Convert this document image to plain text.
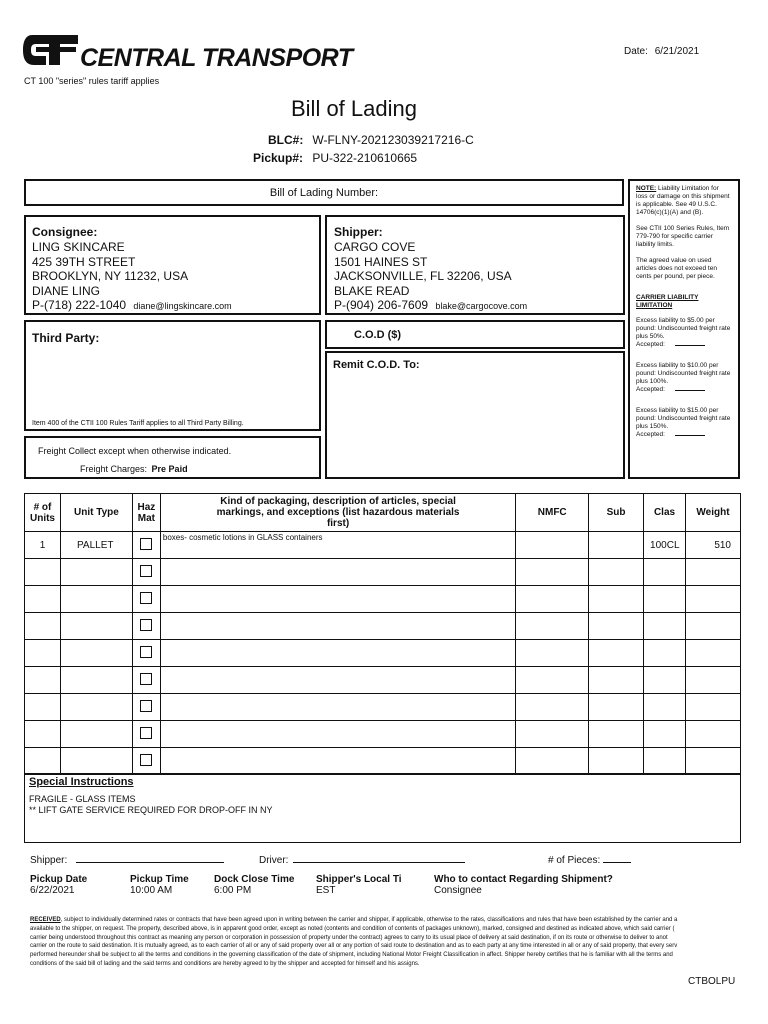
CENTRAL TRANSPORT
CT 100 "series" rules tariff applies
Date: 6/21/2021
Bill of Lading
BLC#: W-FLNY-202123039217216-C
Pickup#: PU-322-210610665
Bill of Lading Number:
Consignee:
LING SKINCARE
425 39TH STREET
BROOKLYN, NY 11232, USA
DIANE LING
P-(718) 222-1040 diane@lingskincare.com
Shipper:
CARGO COVE
1501 HAINES ST
JACKSONVILLE, FL 32206, USA
BLAKE READ
P-(904) 206-7609 blake@cargocove.com
Third Party:
Item 400 of the CTII 100 Rules Tariff applies to all Third Party Billing.
C.O.D ($)
Remit C.O.D. To:
Freight Collect except when otherwise indicated.
Freight Charges: Pre Paid
NOTE: Liability Limitation for loss or damage on this shipment is applicable. See 49 U.S.C. 14706(c)(1)(A) and (B).
See CTII 100 Series Rules, Item 779-790 for specific carrier liability limits.
The agreed value on used articles does not exceed ten cents per pound, per piece.
CARRIER LIABILITY LIMITATION
Excess liability to $5.00 per pound: Undiscounted freight rate plus 50%.
Accepted:
Excess liability to $10.00 per pound: Undiscounted freight rate plus 100%.
Accepted:
Excess liability to $15.00 per pound: Undiscounted freight rate plus 150%.
Accepted:
# of Units	Unit Type	Haz Mat	Kind of packaging, description of articles, special markings, and exceptions (list hazardous materials first)	NMFC	Sub	Clas	Weight
1	PALLET		boxes- cosmetic lotions in GLASS containers			100CL	510

Special Instructions
FRAGILE - GLASS ITEMS
** LIFT GATE SERVICE REQUIRED FOR DROP-OFF IN NY
Shipper:	Driver:	# of Pieces:
Pickup Date
6/22/2021
Pickup Time
10:00 AM
Dock Close Time
6:00 PM
Shipper's Local Ti
EST
Who to contact Regarding Shipment?
Consignee
RECEIVED, subject to individually determined rates or contracts that have been agreed upon in writing between the carrier and shipper, if applicable, otherwise to the rates, classifications and rules that have been established by the carrier and a
available to the shipper, on request. The property, described above, is in apparent good order, except as noted (contents and condition of contents of packages unknown), marked, consigned and destined as indicated above, which said carrier (
carrier being understood throughout this contract as meaning any person or corporation in possession of property under the contract) agrees to carry to its usual place of delivery at said destination, if on its route or otherwise to deliver to anot
carrier on the route to said destination. It is mutually agreed, as to each carrier of all or any of said property over all or any portion of said route to destination and as to each party at any time interested in all or any of said property, that every serv
performed hereunder shall be subject to all the terms and conditions in the governing classification of the date of shipment, including National Motor Freight Classification in affect. Shipper hereby certifies that he is familiar with all the terms and
conditions of the said bill of lading and the said terms and conditions are hereby agreed to by the shipper and accepted for himself and his assigns.
CTBOLPU
